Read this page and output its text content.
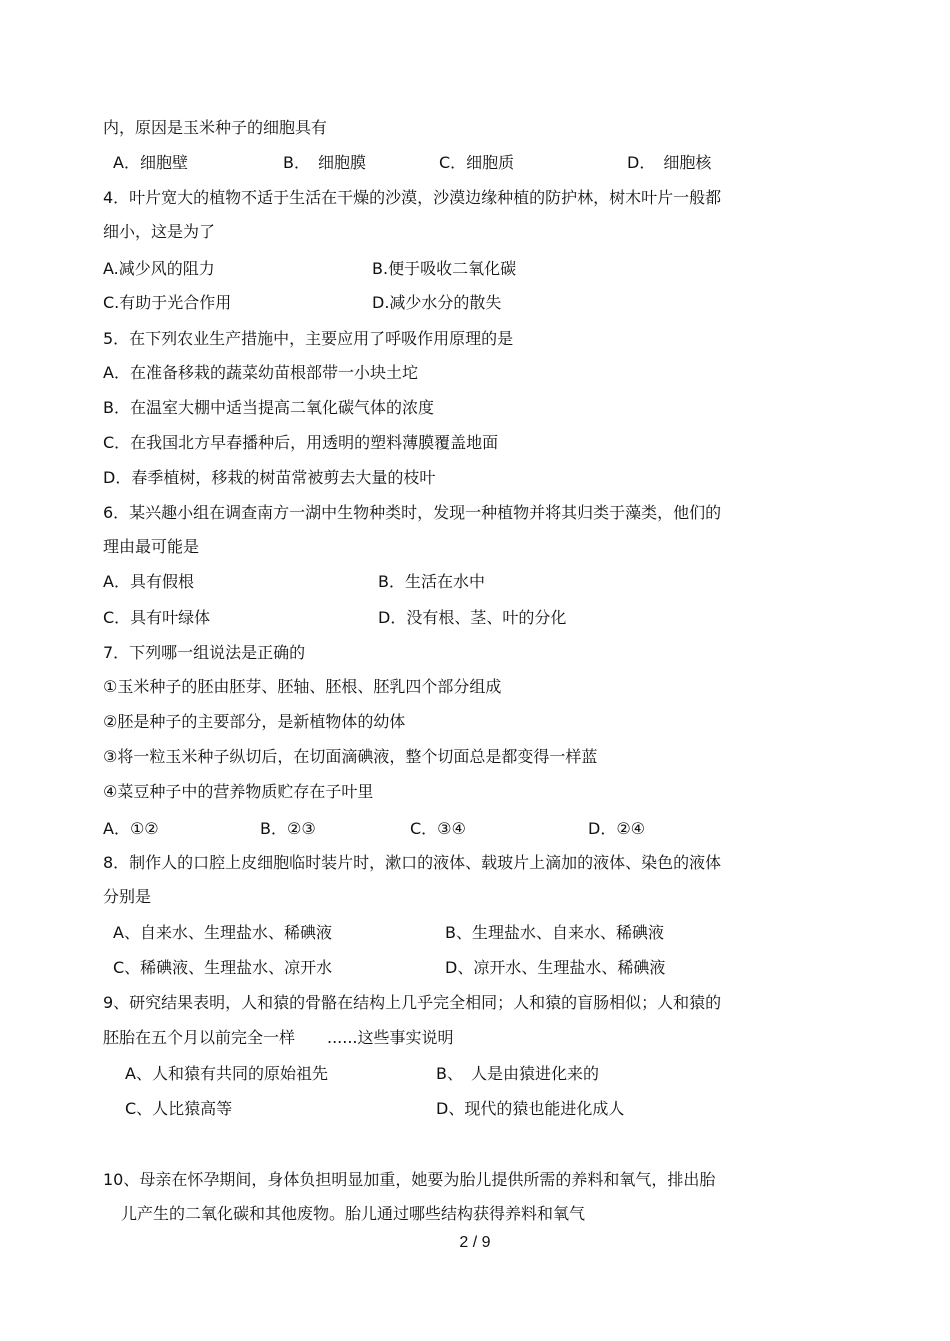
内，原因是玉米种子的细胞具有
A．细胞壁	B．　细胞膜	C．细胞质	D．　细胞核
4．叶片宽大的植物不适于生活在干燥的沙漠，沙漠边缘种植的防护林，树木叶片一般都
细小，这是为了
A.减少风的阻力	B.便于吸收二氧化碳
C.有助于光合作用	D.减少水分的散失
5．在下列农业生产措施中，主要应用了呼吸作用原理的是
A．在准备移栽的蔬菜幼苗根部带一小块土坨
B．在温室大棚中适当提高二氧化碳气体的浓度
C．在我国北方早春播种后，用透明的塑料薄膜覆盖地面
D．春季植树，移栽的树苗常被剪去大量的枝叶
6．某兴趣小组在调查南方一湖中生物种类时，发现一种植物并将其归类于藻类，他们的
理由最可能是
A．具有假根	B．生活在水中
C．具有叶绿体	D．没有根、茎、叶的分化
7．下列哪一组说法是正确的
①玉米种子的胚由胚芽、胚轴、胚根、胚乳四个部分组成
②胚是种子的主要部分，是新植物体的幼体
③将一粒玉米种子纵切后，在切面滴碘液，整个切面总是都变得一样蓝
④菜豆种子中的营养物质贮存在子叶里
A．①②	B．②③	C．③④	D．②④
8．制作人的口腔上皮细胞临时装片时，漱口的液体、载玻片上滴加的液体、染色的液体
分别是
A、自来水、生理盐水、稀碘液	B、生理盐水、自来水、稀碘液
C、稀碘液、生理盐水、凉开水	D、凉开水、生理盐水、稀碘液
9、研究结果表明，人和猿的骨骼在结构上几乎完全相同；人和猿的盲肠相似；人和猿的
胚胎在五个月以前完全一样　　......这些事实说明
A、人和猿有共同的原始祖先	B、　人是由猿进化来的
C、人比猿高等	D、现代的猿也能进化成人
10、母亲在怀孕期间，身体负担明显加重，她要为胎儿提供所需的养料和氧气，排出胎
儿产生的二氧化碳和其他废物。胎儿通过哪些结构获得养料和氧气
2 / 9
